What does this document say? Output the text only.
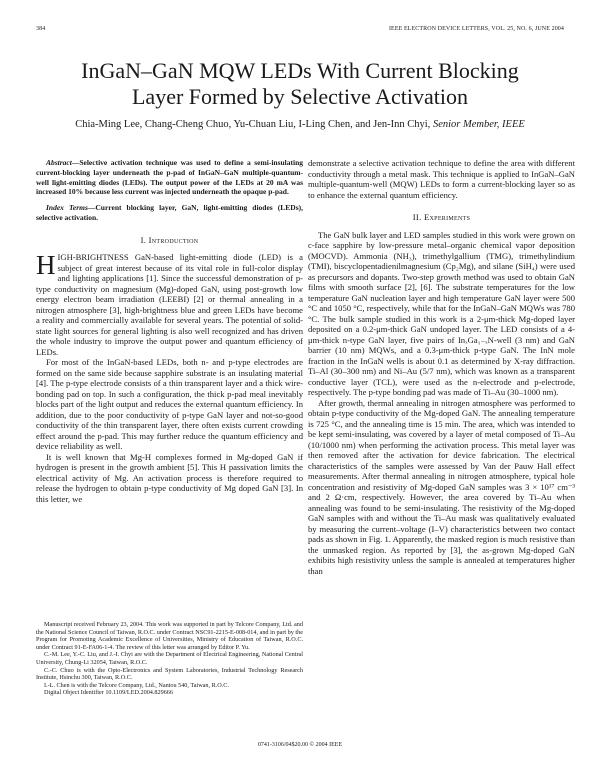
384	IEEE ELECTRON DEVICE LETTERS, VOL. 25, NO. 6, JUNE 2004
InGaN–GaN MQW LEDs With Current Blocking
Layer Formed by Selective Activation
Chia-Ming Lee, Chang-Cheng Chuo, Yu-Chuan Liu, I-Ling Chen, and Jen-Inn Chyi, Senior Member, IEEE

Abstract—Selective activation technique was used to define a semi-insulating current-blocking layer underneath the p-pad of InGaN–GaN multiple-quantum-well light-emitting diodes (LEDs). The output power of the LEDs at 20 mA was increased 10% because less current was injected underneath the opaque p-pad.

Index Terms—Current blocking layer, GaN, light-emitting diodes (LEDs), selective activation.

I. Introduction

HIGH-BRIGHTNESS GaN-based light-emitting diode (LED) is a subject of great interest because of its vital role in full-color display and lighting applications [1]. Since the successful demonstration of p-type conductivity on magnesium (Mg)-doped GaN, using post-growth low energy electron beam irradiation (LEEBI) [2] or thermal annealing in a nitrogen atmosphere [3], high-brightness blue and green LEDs have become a reality and commercially available for several years. The potential of solid-state light sources for general lighting is also well recognized and has driven the whole industry to improve the output power and quantum efficiency of LEDs.

For most of the InGaN-based LEDs, both n- and p-type electrodes are formed on the same side because sapphire substrate is an insulating material [4]. The p-type electrode consists of a thin transparent layer and a thick wire-bonding pad on top. In such a configuration, the thick p-pad meal inevitably blocks part of the light output and reduces the external quantum efficiency. In addition, due to the poor conductivity of p-type GaN layer and not-so-good conductivity of the thin transparent layer, there often exists current crowding effect around the p-pad. This may further reduce the quantum efficiency and device reliability as well.

It is well known that Mg-H complexes formed in Mg-doped GaN if hydrogen is present in the growth ambient [5]. This H passivation limits the electrical activity of Mg. An activation process is therefore required to release the hydrogen to obtain p-type conductivity of Mg doped GaN [3]. In this letter, we

Manuscript received February 23, 2004. This work was supported in part by Telcore Company, Ltd. and the National Science Council of Taiwan, R.O.C. under Contract NSC91-2215-E-008-014, and in part by the Program for Promoting Academic Excellence of Universities, Ministry of Education of Taiwan, R.O.C. under Contract 91-E-FA06-1-4. The review of this letter was arranged by Editor P. Yu.

C.-M. Lee, Y.-C. Liu, and J.-I. Chyi are with the Department of Electrical Engineering, National Central University, Chung-Li 32054, Taiwan, R.O.C.

C.-C. Chuo is with the Opto-Electronics and System Laboratories, Industrial Technology Research Institute, Hsinchu 300, Taiwan, R.O.C.

I.-L. Chen is with the Telcore Company, Ltd., Nantou 540, Taiwan, R.O.C.

Digital Object Identifier 10.1109/LED.2004.829666

demonstrate a selective activation technique to define the area with different conductivity through a metal mask. This technique is applied to InGaN–GaN multiple-quantum-well (MQW) LEDs to form a current-blocking layer so as to enhance the external quantum efficiency.

II. Experiments

The GaN bulk layer and LED samples studied in this work were grown on c-face sapphire by low-pressure metal–organic chemical vapor deposition (MOCVD). Ammonia (NH₃), trimethylgallium (TMG), trimethylindium (TMI), biscyclopentadienilmagnesium (Cp₂Mg), and silane (SiH₄) were used as precursors and dopants. Two-step growth method was used to obtain GaN films with smooth surface [2], [6]. The substrate temperatures for the low temperature GaN nucleation layer and high temperature GaN layer were 500 °C and 1050 °C, respectively, while that for the InGaN–GaN MQWs was 780 °C. The bulk sample studied in this work is a 2-μm-thick Mg-doped layer deposited on a 0.2-μm-thick GaN undoped layer. The LED consists of a 4-μm-thick n-type GaN layer, five pairs of InₓGa₁₋ₓN-well (3 nm) and GaN barrier (10 nm) MQWs, and a 0.3-μm-thick p-type GaN. The InN mole fraction in the InGaN wells is about 0.1 as determined by X-ray diffraction. Ti–Al (30–300 nm) and Ni–Au (5/7 nm), which was known as a transparent conductive layer (TCL), were used as the n-electrode and p-electrode, respectively. The p-type bonding pad was made of Ti–Au (30–1000 nm).

After growth, thermal annealing in nitrogen atmosphere was performed to obtain p-type conductivity of the Mg-doped GaN. The annealing temperature is 725 °C, and the annealing time is 15 min. The area, which was intended to be kept semi-insulating, was covered by a layer of metal composed of Ti–Au (10/1000 nm) when performing the activation process. This metal layer was then removed after the activation for device fabrication. The electrical characteristics of the samples were assessed by Van der Pauw Hall effect measurements. After thermal annealing in nitrogen atmosphere, typical hole concentration and resistivity of Mg-doped GaN samples was 3 × 10¹⁷ cm⁻³ and 2 Ω·cm, respectively. However, the area covered by Ti–Au when annealing was found to be semi-insulating. The resistivity of the Mg-doped GaN samples with and without the Ti–Au mask was qualitatively evaluated by measuring the current–voltage (I–V) characteristics between two contact pads as shown in Fig. 1. Apparently, the masked region is much resistive than the unmasked region. As reported by [3], the as-grown Mg-doped GaN exhibits high resistivity unless the sample is annealed at temperatures higher than

0741-3106/04$20.00 © 2004 IEEE
